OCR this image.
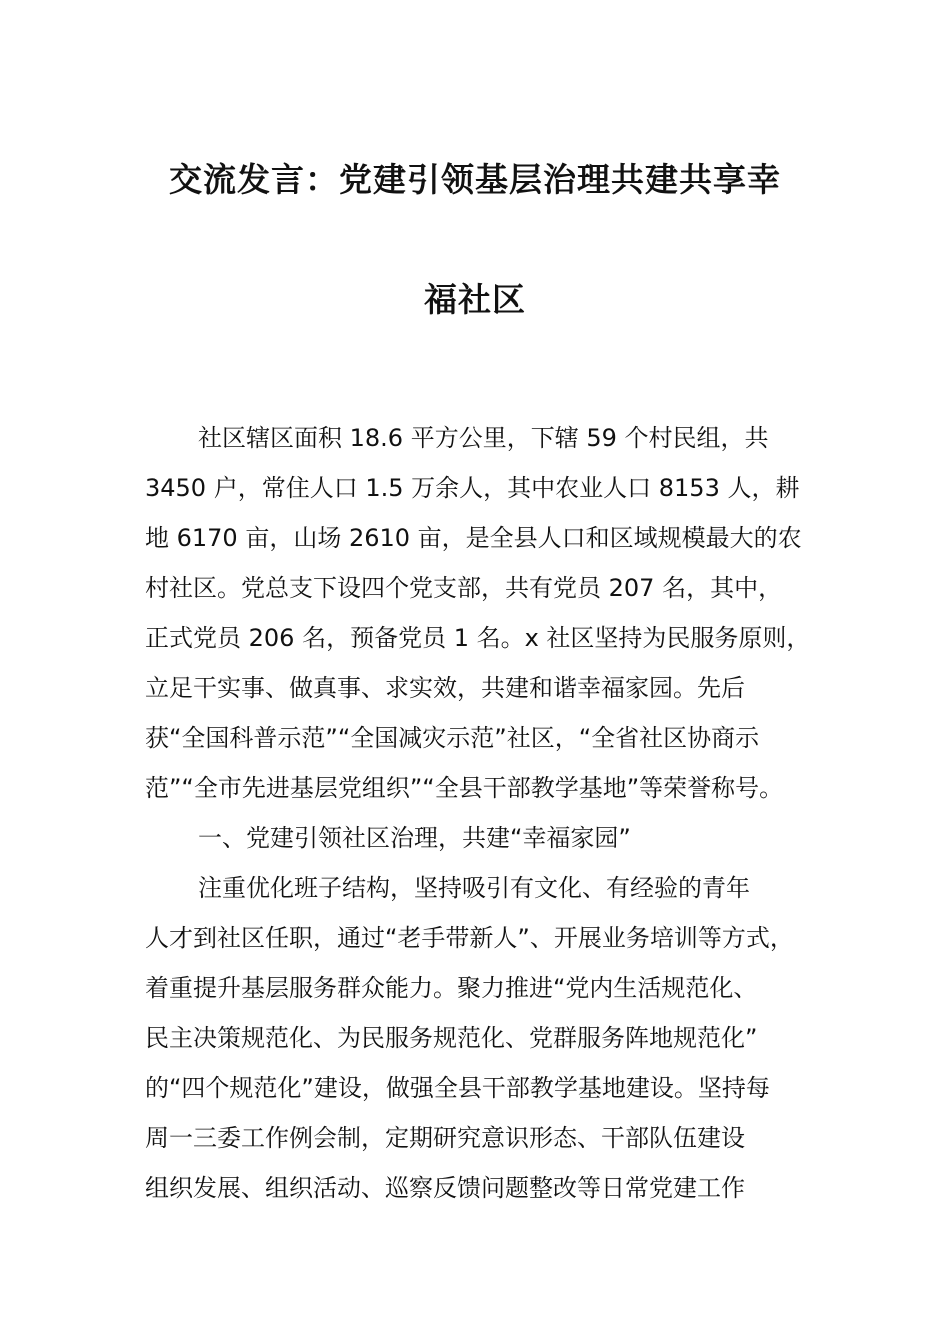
交流发言：党建引领基层治理共建共享幸
福社区
社区辖区面积 18.6 平方公里，下辖 59 个村民组，共
3450 户，常住人口 1.5 万余人，其中农业人口 8153 人，耕
地 6170 亩，山场 2610 亩，是全县人口和区域规模最大的农
村社区。党总支下设四个党支部，共有党员 207 名，其中，
正式党员 206 名，预备党员 1 名。x 社区坚持为民服务原则，
立足干实事、做真事、求实效，共建和谐幸福家园。先后
获“全国科普示范”“全国减灾示范”社区，“全省社区协商示
范”“全市先进基层党组织”“全县干部教学基地”等荣誉称号。
一、党建引领社区治理，共建“幸福家园”
注重优化班子结构，坚持吸引有文化、有经验的青年
人才到社区任职，通过“老手带新人”、开展业务培训等方式，
着重提升基层服务群众能力。聚力推进“党内生活规范化、
民主决策规范化、为民服务规范化、党群服务阵地规范化”
的“四个规范化”建设，做强全县干部教学基地建设。坚持每
周一三委工作例会制，定期研究意识形态、干部队伍建设
组织发展、组织活动、巡察反馈问题整改等日常党建工作
